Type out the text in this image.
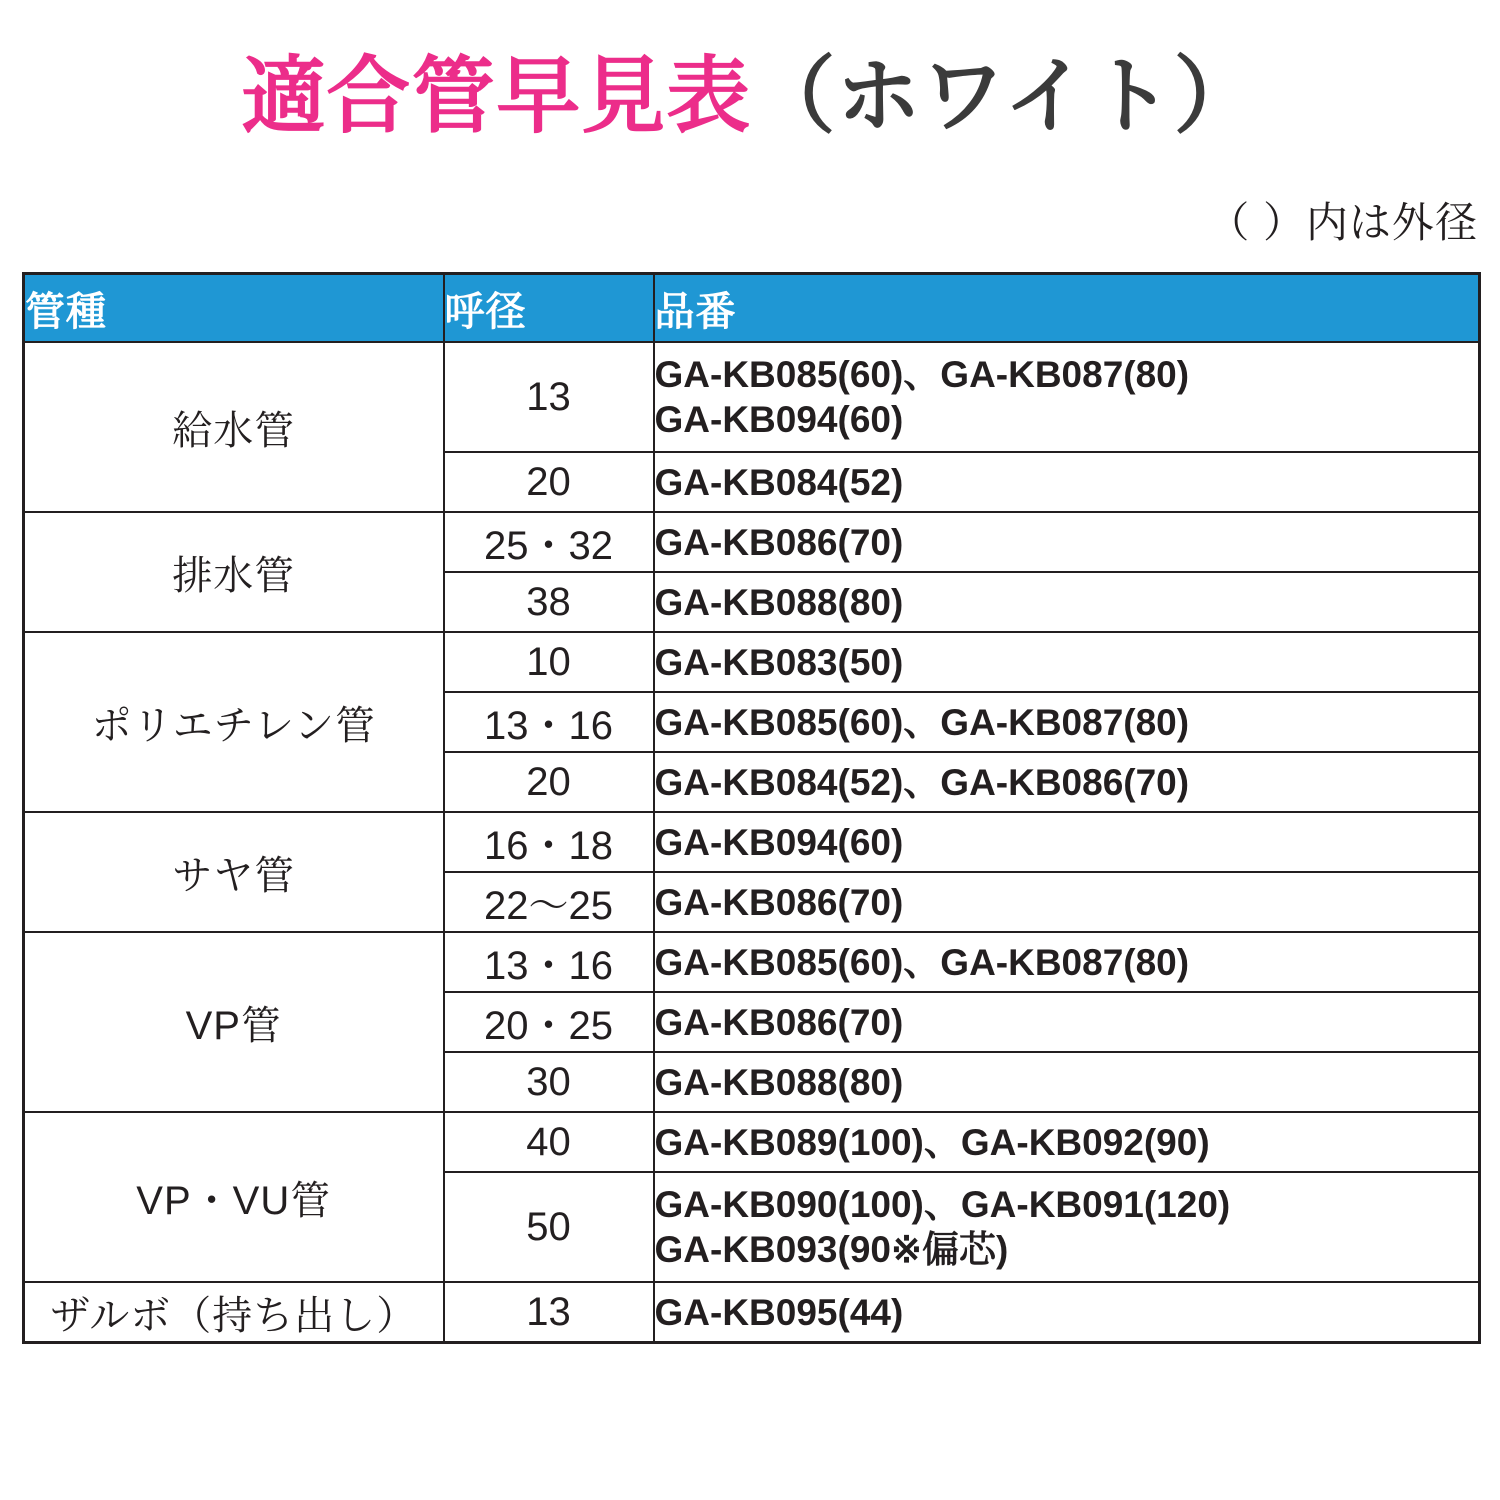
適合管早見表（ホワイト）
（ ）内は外径
管種	呼径	品番
給水管	13	GA-KB085(60)、GA-KB087(80)
GA-KB094(60)

	20	GA-KB084(52)

排水管	25・32	GA-KB086(70)

	38	GA-KB088(80)

ポリエチレン管	10	GA-KB083(50)

	13・16	GA-KB085(60)、GA-KB087(80)

	20	GA-KB084(52)、GA-KB086(70)

サヤ管	16・18	GA-KB094(60)

	22〜25	GA-KB086(70)

VP管	13・16	GA-KB085(60)、GA-KB087(80)

	20・25	GA-KB086(70)

	30	GA-KB088(80)

VP・VU管	40	GA-KB089(100)、GA-KB092(90)

	50	GA-KB090(100)、GA-KB091(120)
GA-KB093(90※偏芯)

ザルボ（持ち出し）	13	GA-KB095(44)
